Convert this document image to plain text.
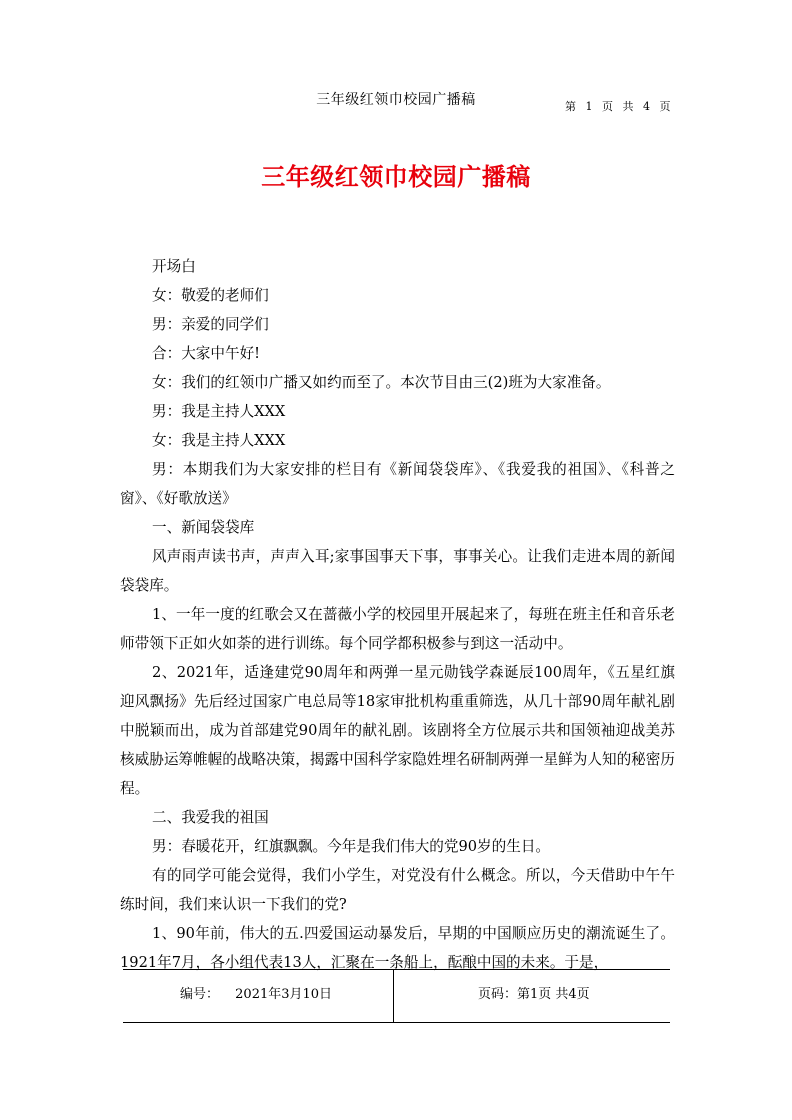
三年级红领巾校园广播稿	第 1 页 共 4 页
三年级红领巾校园广播稿

开场白

女：敬爱的老师们

男：亲爱的同学们

合：大家中午好!

女：我们的红领巾广播又如约而至了。本次节目由三(2)班为大家准备。

男：我是主持人XXX

女：我是主持人XXX

男：本期我们为大家安排的栏目有《新闻袋袋库》、《我爱我的祖国》、《科普之窗》、《好歌放送》

一、新闻袋袋库

风声雨声读书声，声声入耳;家事国事天下事，事事关心。让我们走进本周的新闻袋袋库。

1、一年一度的红歌会又在蔷薇小学的校园里开展起来了，每班在班主任和音乐老师带领下正如火如荼的进行训练。每个同学都积极参与到这一活动中。

2、2021年，适逢建党90周年和两弹一星元勋钱学森诞辰100周年，《五星红旗迎风飘扬》先后经过国家广电总局等18家审批机构重重筛选，从几十部90周年献礼剧中脱颖而出，成为首部建党90周年的献礼剧。该剧将全方位展示共和国领袖迎战美苏核威胁运筹帷幄的战略决策，揭露中国科学家隐姓埋名研制两弹一星鲜为人知的秘密历程。

二、我爱我的祖国

男：春暖花开，红旗飘飘。今年是我们伟大的党90岁的生日。

有的同学可能会觉得，我们小学生，对党没有什么概念。所以，今天借助中午午练时间，我们来认识一下我们的党?

1、90年前，伟大的五.四爱国运动暴发后，早期的中国顺应历史的潮流诞生了。1921年7月，各小组代表13人，汇聚在一条船上，酝酿中国的未来。于是，

编号： 2021年3月10日	页码：第1页 共4页
